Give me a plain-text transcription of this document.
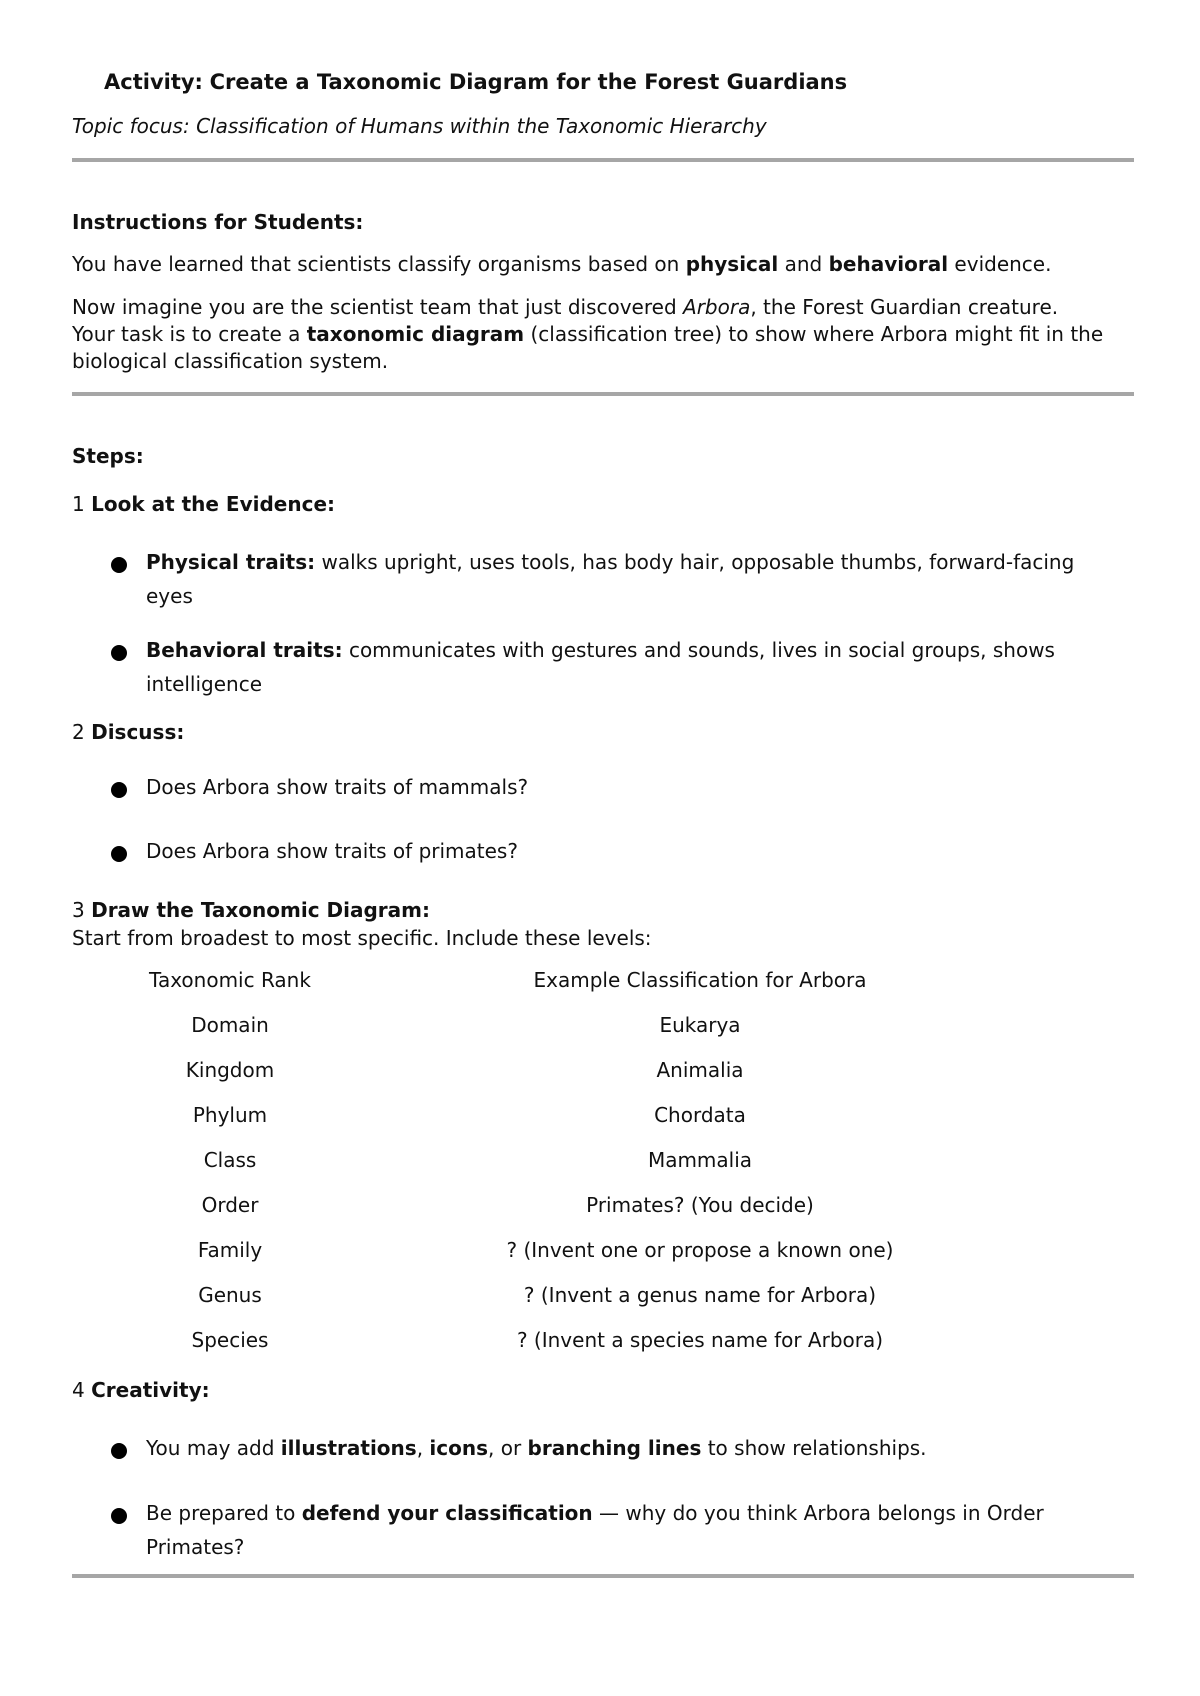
Activity: Create a Taxonomic Diagram for the Forest Guardians
Topic focus: Classification of Humans within the Taxonomic Hierarchy
Instructions for Students:
You have learned that scientists classify organisms based on physical and behavioral evidence.
Now imagine you are the scientist team that just discovered Arbora, the Forest Guardian creature.
Your task is to create a taxonomic diagram (classification tree) to show where Arbora might fit in the
biological classification system.
Steps:
1 Look at the Evidence:
Physical traits: walks upright, uses tools, has body hair, opposable thumbs, forward-facing eyes
Behavioral traits: communicates with gestures and sounds, lives in social groups, shows intelligence
2 Discuss:
Does Arbora show traits of mammals?
Does Arbora show traits of primates?
3 Draw the Taxonomic Diagram:
Start from broadest to most specific. Include these levels:
Taxonomic Rank	Example Classification for Arbora
Domain	Eukarya
Kingdom	Animalia
Phylum	Chordata
Class	Mammalia
Order	Primates? (You decide)
Family	? (Invent one or propose a known one)
Genus	? (Invent a genus name for Arbora)
Species	? (Invent a species name for Arbora)
4 Creativity:
You may add illustrations, icons, or branching lines to show relationships.
Be prepared to defend your classification — why do you think Arbora belongs in Order Primates?
